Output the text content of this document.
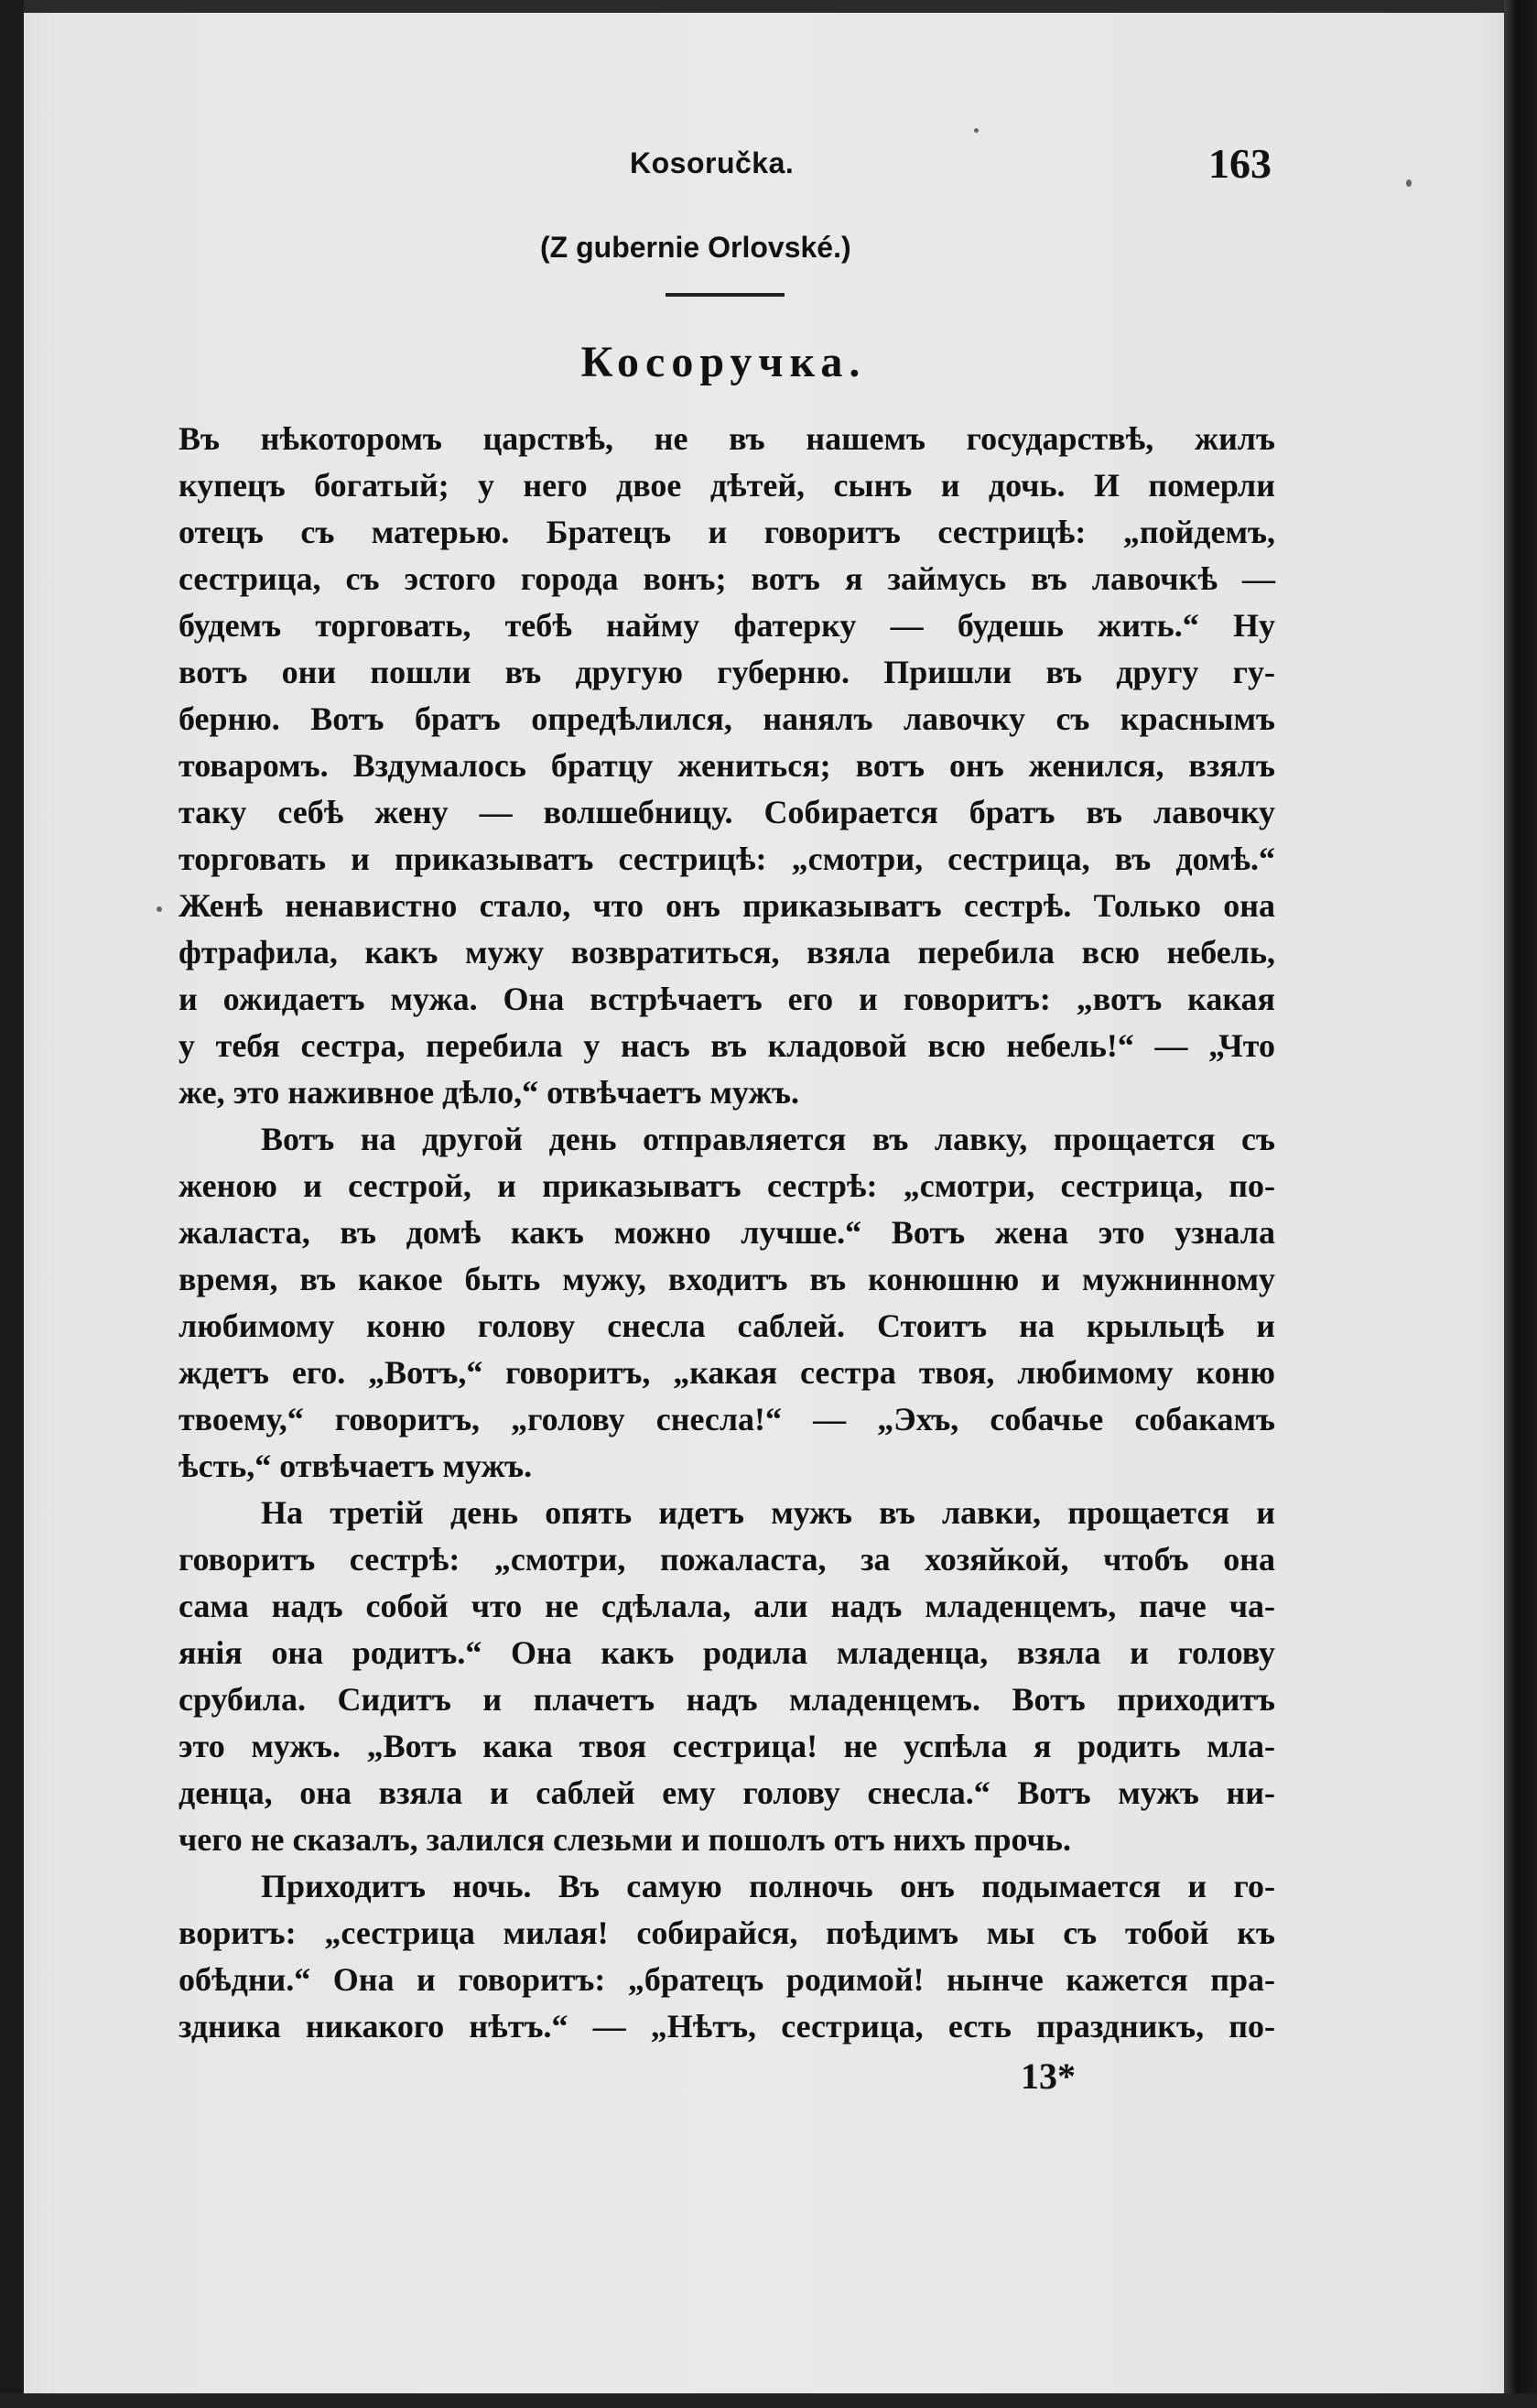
Kosoručka.	163
(Z gubernie Orlovské.)
Косоручка.
Въ нѣкоторомъ царствѣ, не въ нашемъ государствѣ, жилъ
купецъ богатый; у него двое дѣтей, сынъ и дочь. И померли
отецъ съ матерью. Братецъ и говоритъ сестрицѣ: „пойдемъ,
сестрица, съ эстого города вонъ; вотъ я займусь въ лавочкѣ —
будемъ торговать, тебѣ найму фатерку — будешь жить.“ Ну
вотъ они пошли въ другую губерню. Пришли въ другу гу-
берню. Вотъ братъ опредѣлился, нанялъ лавочку съ краснымъ
товаромъ. Вздумалось братцу жениться; вотъ онъ женился, взялъ
таку себѣ жену — волшебницу. Собирается братъ въ лавочку
торговать и приказыватъ сестрицѣ: „смотри, сестрица, въ домѣ.“
Женѣ ненавистно стало, что онъ приказыватъ сестрѣ. Только она
фтрафила, какъ мужу возвратиться, взяла перебила всю небель,
и ожидаетъ мужа. Она встрѣчаетъ его и говоритъ: „вотъ какая
у тебя сестра, перебила у насъ въ кладовой всю небель!“ — „Что
же, это наживное дѣло,“ отвѣчаетъ мужъ.
Вотъ на другой день отправляется въ лавку, прощается съ
женою и сестрой, и приказыватъ сестрѣ: „смотри, сестрица, по-
жаласта, въ домѣ какъ можно лучше.“ Вотъ жена это узнала
время, въ какое быть мужу, входитъ въ конюшню и мужнинному
любимому коню голову снесла саблей. Стоитъ на крыльцѣ и
ждетъ его. „Вотъ,“ говоритъ, „какая сестра твоя, любимому коню
твоему,“ говоритъ, „голову снесла!“ — „Эхъ, собачье собакамъ
ѣсть,“ отвѣчаетъ мужъ.
На третій день опять идетъ мужъ въ лавки, прощается и
говоритъ сестрѣ: „смотри, пожаласта, за хозяйкой, чтобъ она
сама надъ собой что не сдѣлала, али надъ младенцемъ, паче ча-
янія она родитъ.“ Она какъ родила младенца, взяла и голову
срубила. Сидитъ и плачетъ надъ младенцемъ. Вотъ приходитъ
это мужъ. „Вотъ кака твоя сестрица! не успѣла я родить мла-
денца, она взяла и саблей ему голову снесла.“ Вотъ мужъ ни-
чего не сказалъ, залился слезьми и пошолъ отъ нихъ прочь.
Приходитъ ночь. Въ самую полночь онъ подымается и го-
воритъ: „сестрица милая! собирайся, поѣдимъ мы съ тобой къ
обѣдни.“ Она и говоритъ: „братецъ родимой! нынче кажется пра-
здника никакого нѣтъ.“ — „Нѣтъ, сестрица, есть праздникъ, по-
13*
